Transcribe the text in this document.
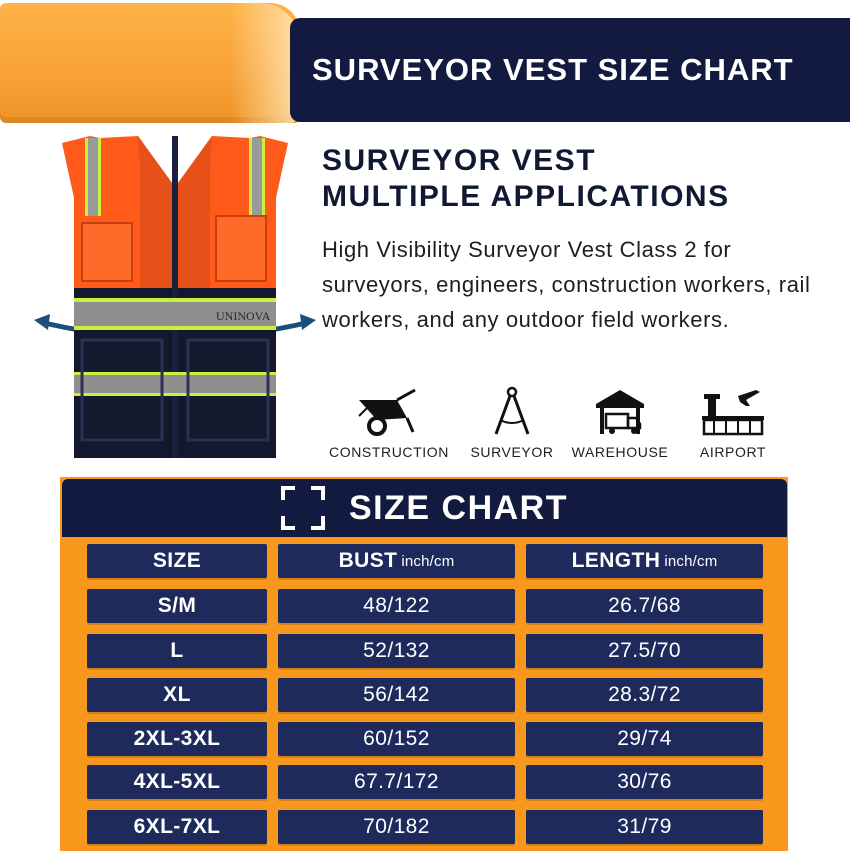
SURVEYOR VEST SIZE CHART
UNINOVA
SURVEYOR VEST
MULTIPLE APPLICATIONS
High Visibility Surveyor Vest Class 2 for surveyors, engineers, construction workers, rail workers, and any outdoor field workers.
CONSTRUCTION	SURVEYOR	WAREHOUSE	AIRPORT
SIZE CHART
SIZE	BUST inch/cm	LENGTH inch/cm
S/M	48/122	26.7/68
L	52/132	27.5/70
XL	56/142	28.3/72
2XL-3XL	60/152	29/74
4XL-5XL	67.7/172	30/76
6XL-7XL	70/182	31/79
